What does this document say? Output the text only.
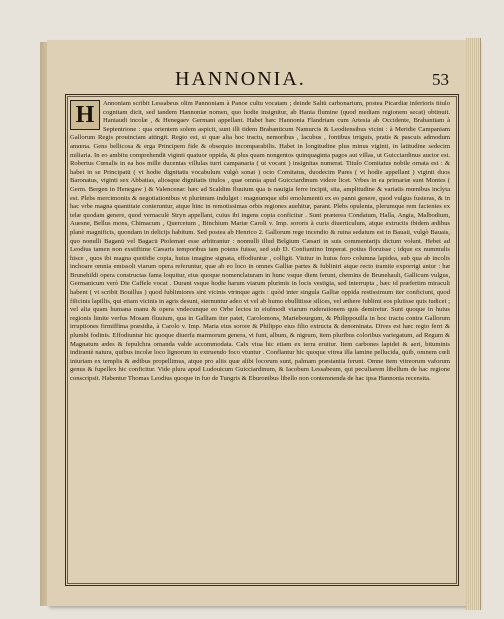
HANNONIA.	53
H	Annoniam scribit Lessabeus olim Pannoniam à Panoe cultu vocatam ; deinde Saltū carbonarium, postea Picardiæ inferioris titulo cognitam dicit, sed tandem Hannoniæ nomen, quo hodie insignitur, ab Hania flumine (quod mediam regionem secat) obtinuit. Haniaudi incolæ , & Henegaev Germani appellant. Habet hæc Hannonia Flandriam cum Artesia ab Occidente, Brabantiam à Septentrione : qua orientem solem aspicit, sunt illi tidem Brabanticum Namurcis & Leodiensibus vicini : à Meridie Campaniam Gallorum Regis prouinciam attingit. Regio est, si quæ alia hoc tractu, nemoribus , lacubus , fontibus irriguis, pratis & pascuis admodum amœna. Gens bellicosa & erga Principem fide & obsequio incomparabilis. Habet in longitudine plus minus viginti, in latitudine sedecim miliaria. In eo ambitu comprehendit viginti quatuor oppida, & plus quam nongentos quinquaginta pagos aut villas, ut Guicciardinus auctor est. Robertus Cœnalis in ea hos mille ducentas villulas turri campanaria ( ut vocant ) insignitas numerat. Titulo Comitatus nobile ornata est : & habet in se Principatū ( vt hodie dignitatis vocabulum vulgò sonat ) octo Comitatus, duodecim Pares ( vt hodie appellant ) viginti duos Baronatus, viginti sex Abbatias, aliosque dignitatis titulos , quæ omnia apud Guicciardinum videre licet. Vrbes in ea primariæ sunt Montes ( Germ. Bergen in Henegaw ) & Valencenæ: hæc ad Scaldim fluuium qua is nauigia ferre incipit, sita, amplitudine & variatis mœnibus inclyta est. Plebs mercimoniis & negotiationibus vt plurimum indulget : magnumque sibi emolumentū ex eo panni genere, quod vulgus fusteras, & in hac vrbe magna quantitate conteruntur, atque hinc in remotissimas orbis regiones auehitur, parant. Plebs opulenta, plerumque rem facientes ex telæ quodam genere, quod vernaculè Stryn appellant, cuius ibi ingens copia conficitur . Sunt præterea Condatum, Halla, Angia, Malbodium, Auesne, Bellus mons, Chimacum , Quercetum , Binchium Mariæ Caroli v. Imp. sororis à curis diuerticulum, atque extructis ibidem ædibus planè magnificis, quondam in delicijs habitum. Sed postea ab Henrico 2. Gallorum rege incendio & ruina sedatum est in Bauaii, vulgò Bauais, quo nonulli Baganū vel Bagacū Ptolemæi esse arbitrantur : nonnulli illud Belgium Cæsari in suis commentarijs dictum volunt. Hebet ad Leodius tamen non exstiftime Cæsaris temporibus tam potens fuisse, sed sub D. Conftantino Imperat. potius floruisse ; idque ex nummulis hisce , quos ibi magna quotidie copia, huius imagine signata, effodiuntur , colligit. Visitur in huius foro columna lapidea, sub qua ab incolis inchoare omnia emissoli viarum opera referuntur, quæ ab eo loco in omnes Galliæ partes & fubliniri atque recto tramite exporrigi antur : hæ Brunehildi opera constructas fama loquitur, eius quoque nomenclaturam in hunc vsque diem ferunt, chemins de Brunehault, Gallicum vulgus, Germanicum verò Die Caffele vocat . Durant vsque hodie harum viarum plurimis in locis vestigia, sed interrupta , hæc id præfertim miraculi habent ( vt scribit Bouillus ) quod fublimiores sint vicinis vtrinque agris : quòd inter singula Galliæ oppida restissimum iter conficiunt, quod filicinis lapillis, qui etiam vicinis in agris desunt, sternuntur adeo vt vel ab humo ebullitisse silices, vel æthere fublimi eos pluiisse quis iudicet ; vel alia quam humana manu & opera vndecunque eo Orbe lectos in eiufmodi viarum ruderationem quis demiretur. Sunt quoque in huius regionis limite verfus Mosam fluuium, qua in Galliam iter patet, Carolomons, Mariebourgum, & Philippouilla in hoc tractu contra Gallorum irruptiones firmiffima præsidia, à Carolo v. Imp. Maria eius sorore & Philippo eius filio extructa & denominata. Dives est hæc regio ferri & plumbi fodinis. Effodiuntur hic quoque diuerfa marmorum genera, vt funt, album, & nigrum, item pluribus coloribus variegatum, ad Regum & Magnatum ædes & fepulchra ornanda valde accommodata. Calx viua hic etiam ex terra eruitur. Item carbones lapidei & aeri, bituminis indirantè natura, quibus incolæ loco lignorum in extruendo foco vtuntur . Conflantur hic quoque vitrea illa lamine pellucida, quib, omnem cœli iniuriam ex templis & ædibus propellimus, atque pro aliis quæ alibi locorum sunt, palmam præstantia ferunt. Omne item vitreorum vaforum genus & fupellex hic conficitur. Vide plura apud Ludouicum Guicciardinum, & Iacobum Lessabeum, qui peculiarem libellum de hac regione conscripsit. Habentur Thomas Leodius quoque in fuo de Tungris & Eburonibus libello non contemnenda de hac ipsa Hannonia recensita.
